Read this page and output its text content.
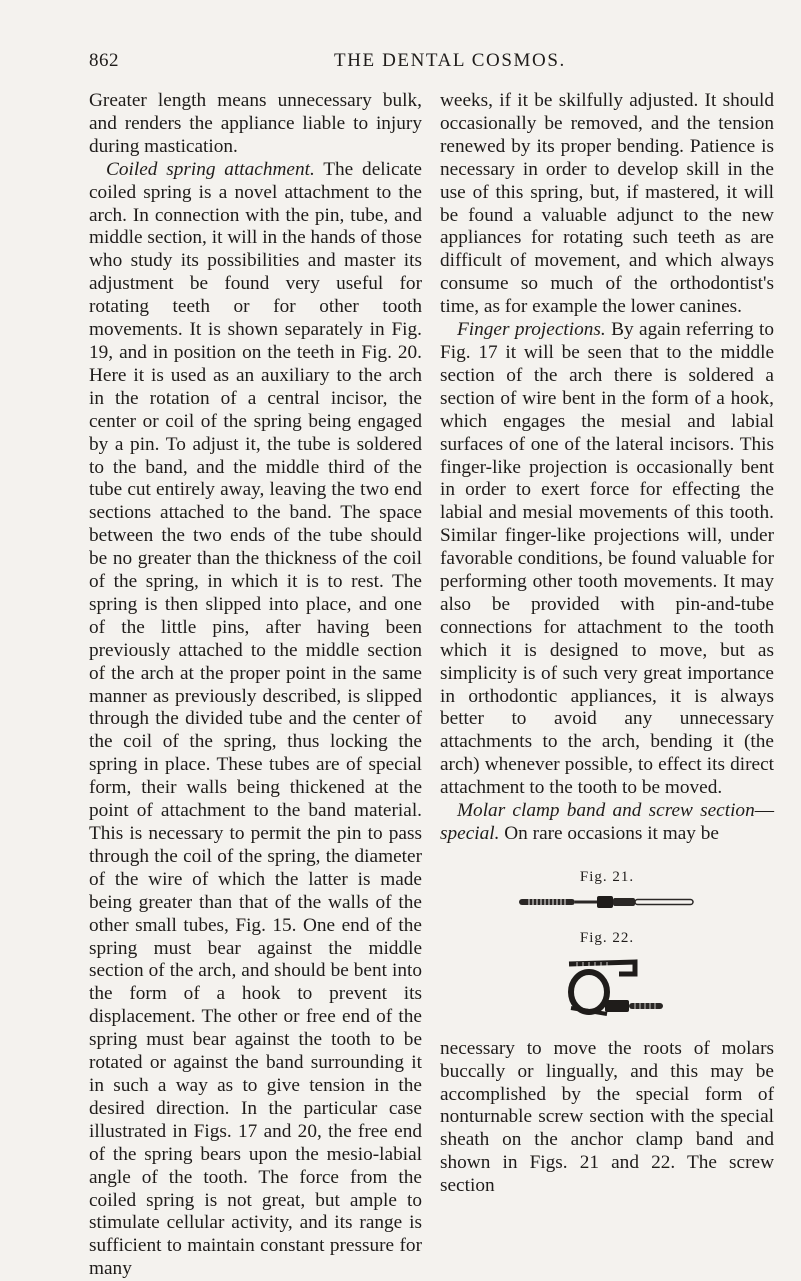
862	THE DENTAL COSMOS.

Greater length means unnecessary bulk, and renders the appliance liable to injury during mastication.

Coiled spring attachment. The delicate coiled spring is a novel attachment to the arch. In connection with the pin, tube, and middle section, it will in the hands of those who study its possibilities and master its adjustment be found very useful for rotating teeth or for other tooth movements. It is shown separately in Fig. 19, and in position on the teeth in Fig. 20. Here it is used as an auxiliary to the arch in the rotation of a central incisor, the center or coil of the spring being engaged by a pin. To adjust it, the tube is soldered to the band, and the middle third of the tube cut entirely away, leaving the two end sections attached to the band. The space between the two ends of the tube should be no greater than the thickness of the coil of the spring, in which it is to rest. The spring is then slipped into place, and one of the little pins, after having been previously attached to the middle section of the arch at the proper point in the same manner as previously described, is slipped through the divided tube and the center of the coil of the spring, thus locking the spring in place. These tubes are of special form, their walls being thickened at the point of attachment to the band material. This is necessary to permit the pin to pass through the coil of the spring, the diameter of the wire of which the latter is made being greater than that of the walls of the other small tubes, Fig. 15. One end of the spring must bear against the middle section of the arch, and should be bent into the form of a hook to prevent its displacement. The other or free end of the spring must bear against the tooth to be rotated or against the band surrounding it in such a way as to give tension in the desired direction. In the particular case illustrated in Figs. 17 and 20, the free end of the spring bears upon the mesio-labial angle of the tooth. The force from the coiled spring is not great, but ample to stimulate cellular activity, and its range is sufficient to maintain constant pressure for many

weeks, if it be skilfully adjusted. It should occasionally be removed, and the tension renewed by its proper bending. Patience is necessary in order to develop skill in the use of this spring, but, if mastered, it will be found a valuable adjunct to the new appliances for rotating such teeth as are difficult of movement, and which always consume so much of the orthodontist's time, as for example the lower canines.

Finger projections. By again referring to Fig. 17 it will be seen that to the middle section of the arch there is soldered a section of wire bent in the form of a hook, which engages the mesial and labial surfaces of one of the lateral incisors. This finger-like projection is occasionally bent in order to exert force for effecting the labial and mesial movements of this tooth. Similar finger-like projections will, under favorable conditions, be found valuable for performing other tooth movements. It may also be provided with pin-and-tube connections for attachment to the tooth which it is designed to move, but as simplicity is of such very great importance in orthodontic appliances, it is always better to avoid any unnecessary attachments to the arch, bending it (the arch) whenever possible, to effect its direct attachment to the tooth to be moved.

Molar clamp band and screw section—special. On rare occasions it may be

Fig. 21.
Fig. 22.

necessary to move the roots of molars buccally or lingually, and this may be accomplished by the special form of nonturnable screw section with the special sheath on the anchor clamp band and shown in Figs. 21 and 22. The screw section
